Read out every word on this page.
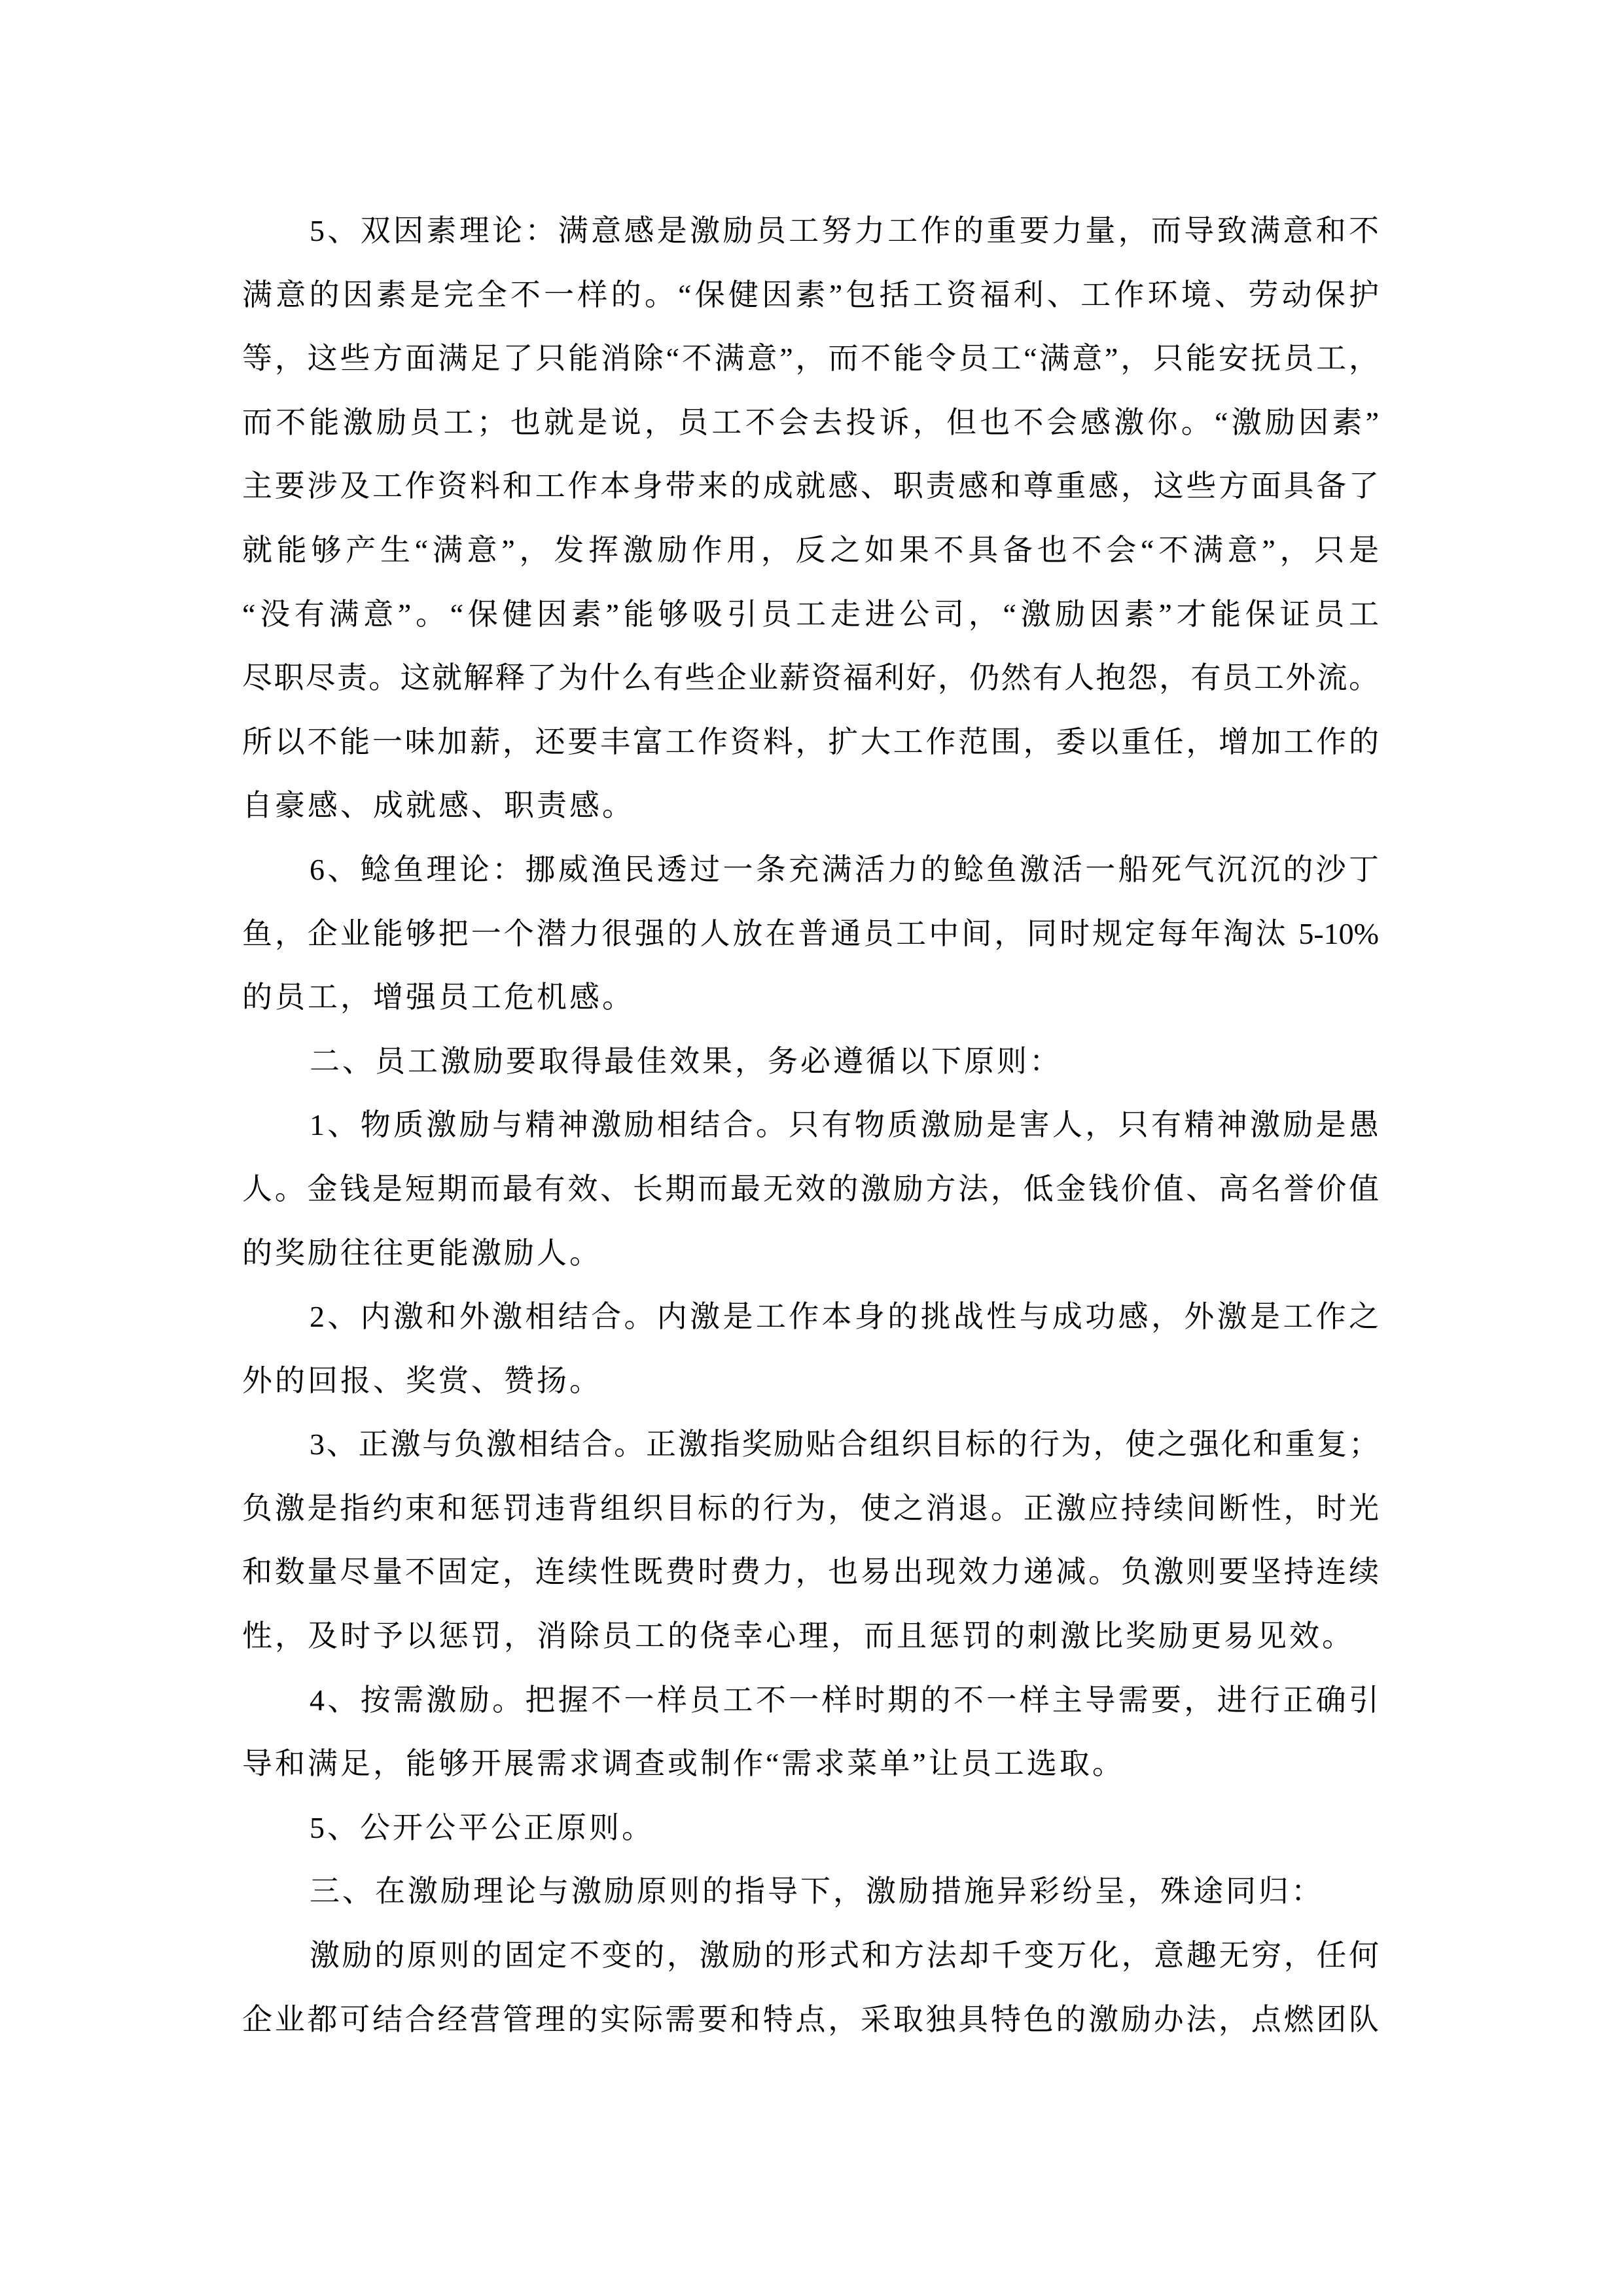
5、双因素理论：满意感是激励员工努力工作的重要力量，而导致满意和不
满意的因素是完全不一样的。“保健因素”包括工资福利、工作环境、劳动保护
等，这些方面满足了只能消除“不满意”，而不能令员工“满意”，只能安抚员工，
而不能激励员工；也就是说，员工不会去投诉，但也不会感激你。“激励因素”
主要涉及工作资料和工作本身带来的成就感、职责感和尊重感，这些方面具备了
就能够产生“满意”，发挥激励作用，反之如果不具备也不会“不满意”，只是
“没有满意”。“保健因素”能够吸引员工走进公司，“激励因素”才能保证员工
尽职尽责。这就解释了为什么有些企业薪资福利好，仍然有人抱怨，有员工外流。
所以不能一味加薪，还要丰富工作资料，扩大工作范围，委以重任，增加工作的
自豪感、成就感、职责感。
6、鲶鱼理论：挪威渔民透过一条充满活力的鲶鱼激活一船死气沉沉的沙丁
鱼，企业能够把一个潜力很强的人放在普通员工中间，同时规定每年淘汰 5-10%
的员工，增强员工危机感。
二、员工激励要取得最佳效果，务必遵循以下原则：
1、物质激励与精神激励相结合。只有物质激励是害人，只有精神激励是愚
人。金钱是短期而最有效、长期而最无效的激励方法，低金钱价值、高名誉价值
的奖励往往更能激励人。
2、内激和外激相结合。内激是工作本身的挑战性与成功感，外激是工作之
外的回报、奖赏、赞扬。
3、正激与负激相结合。正激指奖励贴合组织目标的行为，使之强化和重复；
负激是指约束和惩罚违背组织目标的行为，使之消退。正激应持续间断性，时光
和数量尽量不固定，连续性既费时费力，也易出现效力递减。负激则要坚持连续
性，及时予以惩罚，消除员工的侥幸心理，而且惩罚的刺激比奖励更易见效。
4、按需激励。把握不一样员工不一样时期的不一样主导需要，进行正确引
导和满足，能够开展需求调查或制作“需求菜单”让员工选取。
5、公开公平公正原则。
三、在激励理论与激励原则的指导下，激励措施异彩纷呈，殊途同归：
激励的原则的固定不变的，激励的形式和方法却千变万化，意趣无穷，任何
企业都可结合经营管理的实际需要和特点，采取独具特色的激励办法，点燃团队
